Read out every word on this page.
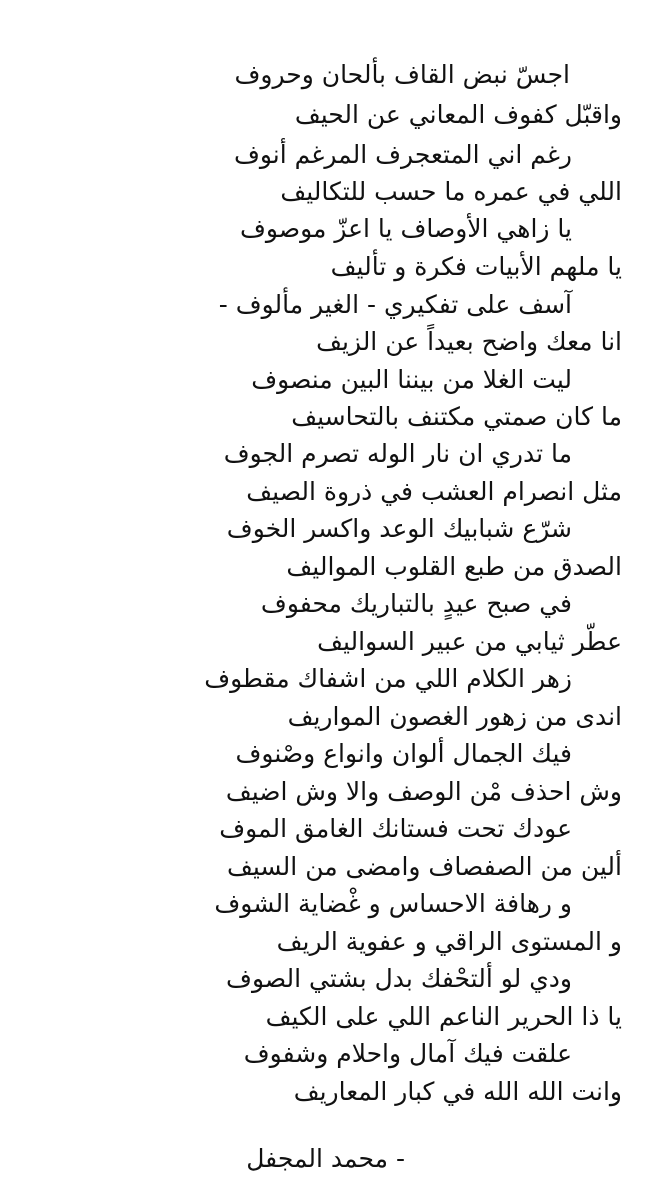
اجسّ نبض القاف بألحان وحروف
واقبّل كفوف المعاني عن الحيف
رغم اني المتعجرف المرغم أنوف
اللي في عمره ما حسب للتكاليف
يا زاهي الأوصاف يا اعزّ موصوف
يا ملهم الأبيات فكرة و تأليف
آسف على تفكيري - الغير مألوف -
انا معك واضح بعيداً عن الزيف
ليت الغلا من بيننا البين منصوف
ما كان صمتي مكتنف بالتحاسيف
ما تدري ان نار الوله تصرم الجوف
مثل انصرام العشب في ذروة الصيف
شرّع شبابيك الوعد واكسر الخوف
الصدق من طبع القلوب المواليف
في صبح عيدٍ بالتباريك محفوف
عطّر ثيابي من عبير السواليف
زهر الكلام اللي من اشفاك مقطوف
اندى من زهور الغصون المواريف
فيك الجمال ألوان وانواع وصْنوف
وش احذف مْن الوصف والا وش اضيف
عودك تحت فستانك الغامق الموف
ألين من الصفصاف وامضى من السيف
و رهافة الاحساس و غْضاية الشوف
و المستوى الراقي و عفوية الريف
ودي لو ألتحْفك بدل بشتي الصوف
يا ذا الحرير الناعم اللي على الكيف
علقت فيك آمال واحلام وشفوف
وانت الله الله في كبار المعاريف
- محمد المجفل
